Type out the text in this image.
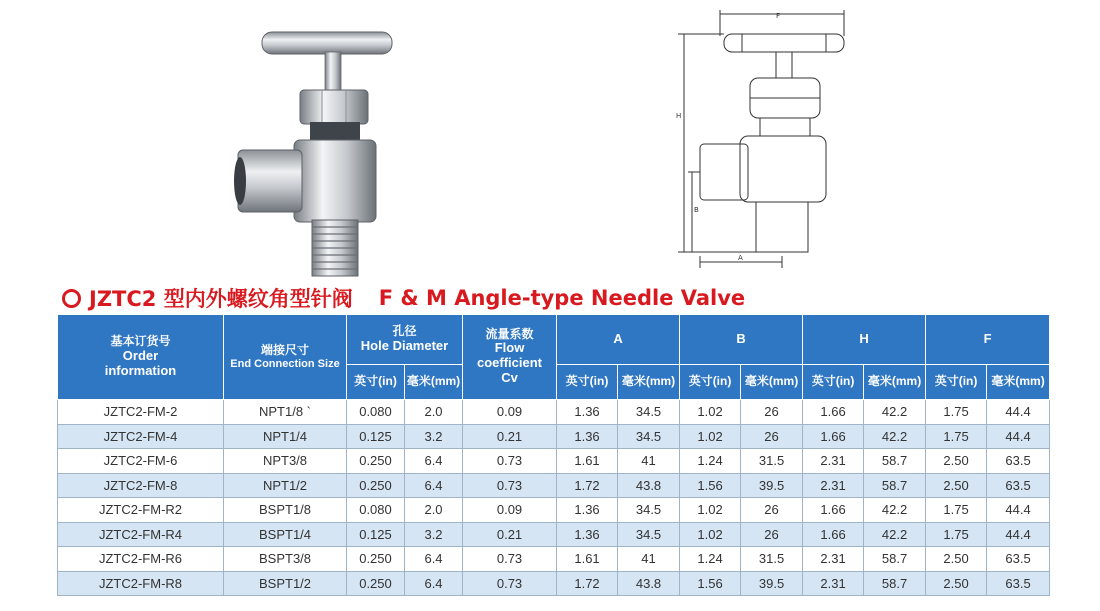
F
H
B
A
JZTC2 型内外螺纹角型针阀 F & M Angle-type Needle Valve
基本订货号
Order
information	端接尺寸
End Connection Size	孔径
Hole Diameter		流量系数
Flow
coefficient
Cv	A		B		H		F	
		英寸(in)	毫米(mm)		英寸(in)	毫米(mm)	英寸(in)	毫米(mm)	英寸(in)	毫米(mm)	英寸(in)	毫米(mm)
JZTC2-FM-2	NPT1/8 `	0.080	2.0	0.09	1.36	34.5	1.02	26	1.66	42.2	1.75	44.4
JZTC2-FM-4	NPT1/4	0.125	3.2	0.21	1.36	34.5	1.02	26	1.66	42.2	1.75	44.4
JZTC2-FM-6	NPT3/8	0.250	6.4	0.73	1.61	41	1.24	31.5	2.31	58.7	2.50	63.5
JZTC2-FM-8	NPT1/2	0.250	6.4	0.73	1.72	43.8	1.56	39.5	2.31	58.7	2.50	63.5
JZTC2-FM-R2	BSPT1/8	0.080	2.0	0.09	1.36	34.5	1.02	26	1.66	42.2	1.75	44.4
JZTC2-FM-R4	BSPT1/4	0.125	3.2	0.21	1.36	34.5	1.02	26	1.66	42.2	1.75	44.4
JZTC2-FM-R6	BSPT3/8	0.250	6.4	0.73	1.61	41	1.24	31.5	2.31	58.7	2.50	63.5
JZTC2-FM-R8	BSPT1/2	0.250	6.4	0.73	1.72	43.8	1.56	39.5	2.31	58.7	2.50	63.5
